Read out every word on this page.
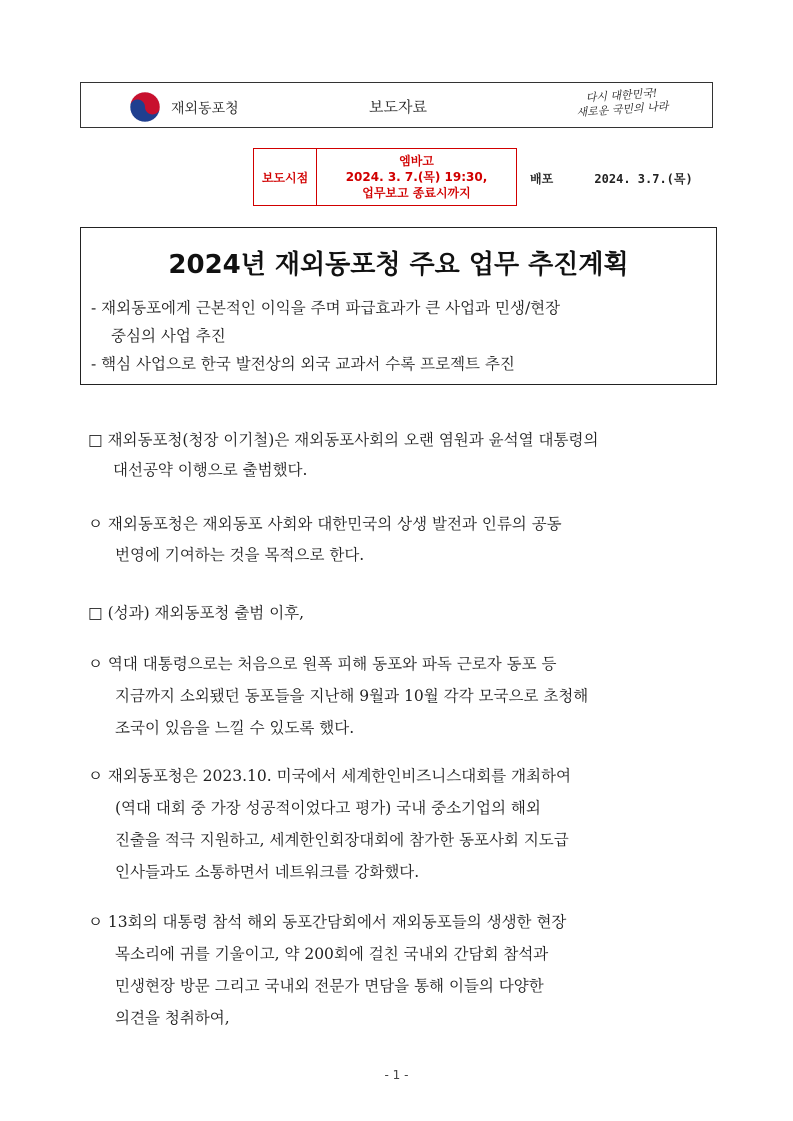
재외동포청	보도자료
다시 대한민국!
새로운 국민의 나라
보도시점
엠바고
2024. 3. 7.(목) 19:30,
업무보고 종료시까지
배포	2024. 3.7.(목)
2024년 재외동포청 주요 업무 추진계획
- 재외동포에게 근본적인 이익을 주며 파급효과가 큰 사업과 민생/현장
중심의 사업 추진
- 핵심 사업으로 한국 발전상의 외국 교과서 수록 프로젝트 추진
□ 재외동포청(청장 이기철)은 재외동포사회의 오랜 염원과 윤석열 대통령의
대선공약 이행으로 출범했다.
ㅇ 재외동포청은 재외동포 사회와 대한민국의 상생 발전과 인류의 공동
번영에 기여하는 것을 목적으로 한다.
□ (성과) 재외동포청 출범 이후,
ㅇ 역대 대통령으로는 처음으로 원폭 피해 동포와 파독 근로자 동포 등
지금까지 소외됐던 동포들을 지난해 9월과 10월 각각 모국으로 초청해
조국이 있음을 느낄 수 있도록 했다.
ㅇ 재외동포청은 2023.10. 미국에서 세계한인비즈니스대회를 개최하여
(역대 대회 중 가장 성공적이었다고 평가) 국내 중소기업의 해외
진출을 적극 지원하고, 세계한인회장대회에 참가한 동포사회 지도급
인사들과도 소통하면서 네트워크를 강화했다.
ㅇ 13회의 대통령 참석 해외 동포간담회에서 재외동포들의 생생한 현장
목소리에 귀를 기울이고, 약 200회에 걸친 국내외 간담회 참석과
민생현장 방문 그리고 국내외 전문가 면담을 통해 이들의 다양한
의견을 청취하여,
- 1 -
